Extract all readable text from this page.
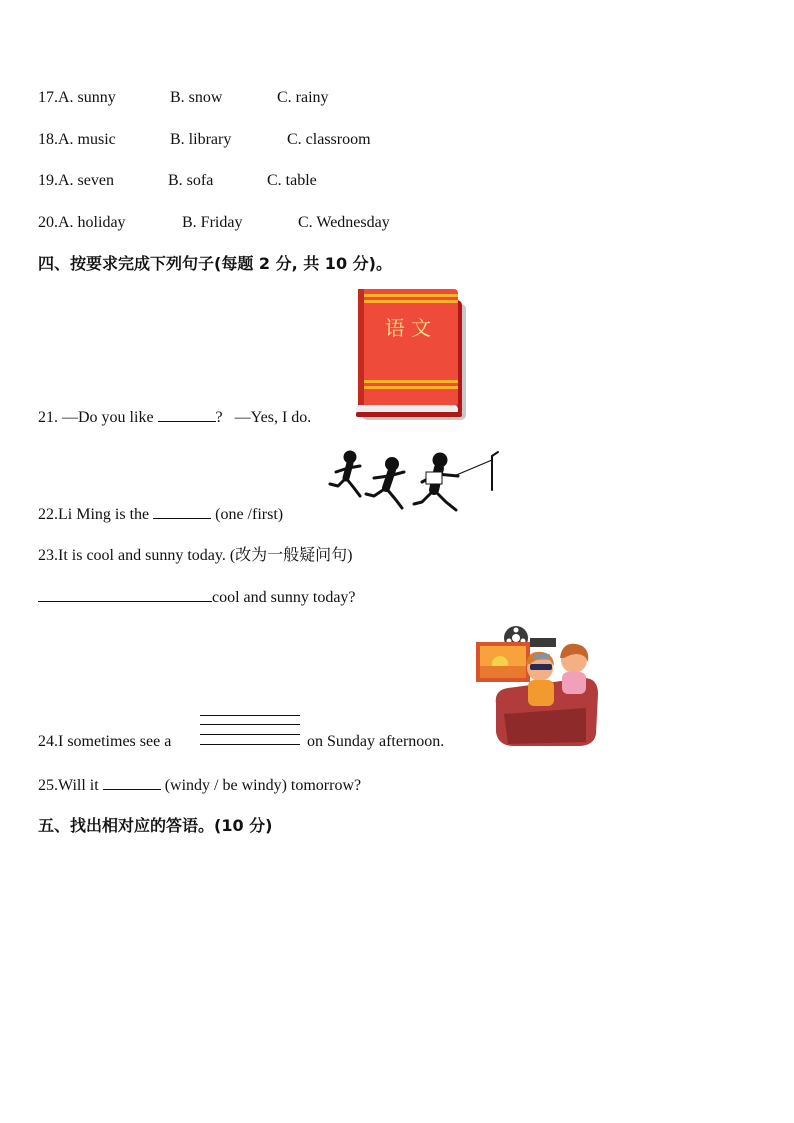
17.A. sunny	B. snow	C. rainy
18.A. music	B. library	C. classroom
19.A. seven	B. sofa	C. table
20.A. holiday	B. Friday	C. Wednesday
四、按要求完成下列句子(每题 2 分, 共 10 分)。
语 文
21. —Do you like	? —Yes, I do.
22.Li Ming is the	(one /first)
23.It is cool and sunny today. (改为一般疑问句)
cool and sunny today?
24.I sometimes see a	on Sunday afternoon.
25.Will it	(windy / be windy) tomorrow?
五、找出相对应的答语。(10 分)
